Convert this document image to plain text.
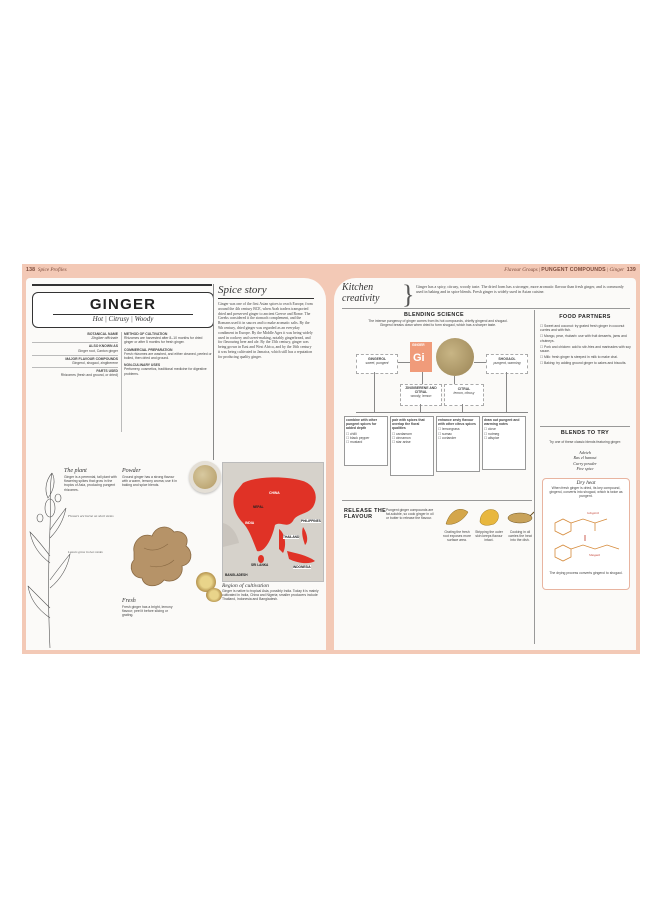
138 Spice Profiles	Flavour Groups | PUNGENT COMPOUNDS | Ginger 139
GINGER
Hot | Citrusy | Woody
BOTANICAL NAME
Zingiber officinale
ALSO KNOWN AS
Ginger root, Canton ginger
MAJOR FLAVOUR COMPOUNDS
Gingerol, shogaol, zingiberene
PARTS USED
Rhizomes (fresh and ground, or dried)
METHOD OF CULTIVATION
Rhizomes are harvested after 8–10 months for dried ginger or after 5 months for fresh ginger.
COMMERCIAL PREPARATION
Fresh rhizomes are washed, and either cleaned, peeled or boiled, then dried and ground.
NON-CULINARY USES
Perfumery, cosmetics, traditional medicine for digestive problems.
The plant
Ginger is a perennial, tall plant with flowering spikes that grow in the tropics of Asia, producing pungent rhizomes.
Flowers are borne on short stems
Leaves grow in two ranks
Powder
Ground ginger has a strong flavour with a warm, lemony aroma; use it in baking and spice blends.
Fresh
Fresh ginger has a bright, lemony flavour; peel it before slicing or grating.
Spice story
Ginger was one of the first Asian spices to reach Europe, from around the 4th century BCE, when Arab traders transported dried and preserved ginger to ancient Greece and Rome. The Greeks considered it the stomach complement, and the Romans used it in sauces and to make aromatic salts. By the 9th century, dried ginger was regarded as an everyday condiment in Europe. By the Middle Ages it was being widely used in cookery and sweet-making, notably gingerbread, and for flavouring beer and ale. By the 15th century, ginger was being grown in East and West Africa, and by the 16th century it was being cultivated in Jamaica, which still has a reputation for producing quality ginger.
CHINA
INDIA
NEPAL
THAILAND
PHILIPPINES
INDONESIA
SRI LANKA
BANGLADESH
Region of cultivation
Ginger is native to tropical Asia, possibly India. Today it is mainly cultivated in India, China and Nigeria; smaller producers include Thailand, Indonesia and Bangladesh.
Kitchen creativity } Ginger has a spicy, citrusy, woody taste. The dried form has a stronger, more aromatic flavour than fresh ginger, and is commonly used in baking and in spice blends. Fresh ginger is widely used in Asian cuisine.
BLENDING SCIENCE
The intense pungency of ginger comes from its hot compounds, chiefly gingerol and shogaol. Gingerol breaks down when dried to form shogaol, which has a sharper taste.
GINGER
Gi
GINGEROL
sweet, pungent
SHOGAOL
pungent, warming
ZINGIBERENE AND CITRAL
woody, lemon
CITRAL
lemon, citrusy
combine with other pungent spices for added depth
☐ chilli
☐ black pepper
☐ mustard
pair with spices that overlap the floral qualities
☐ cardamom
☐ cinnamon
☐ star anise
enhance zesty flavour with other citrus spices
☐ lemongrass
☐ sumac
☐ coriander
draw out pungent and warming notes
☐ clove
☐ nutmeg
☐ allspice
RELEASE THE FLAVOUR
Pungent ginger compounds are fat-soluble, so cook ginger in oil or butter to release the flavour.
Grating the fresh root exposes more surface area.
Stripping the outer skin keeps flavour intact.
Cooking in oil carries the heat into the dish.
FOOD PARTNERS
☐ Sweet and coconut: try grated fresh ginger in coconut curries and with fish.
☐ Mango, pear, rhubarb: use with fruit desserts, jams and chutneys.
☐ Pork and chicken: add to stir-fries and marinades with soy sauce.
☐ Milk: fresh ginger is steeped in milk to make chai.
☐ Baking: try adding ground ginger to cakes and biscuits.
BLENDS TO TRY
Try one of these classic blends featuring ginger:
Advieh
Ras el hanout
Curry powder
Five spice
Dry heat
When fresh ginger is dried, its key compound, gingerol, converts into shogaol, which is twice as pungent.
Gingerol
Shogaol
The drying process converts gingerol to shogaol.
